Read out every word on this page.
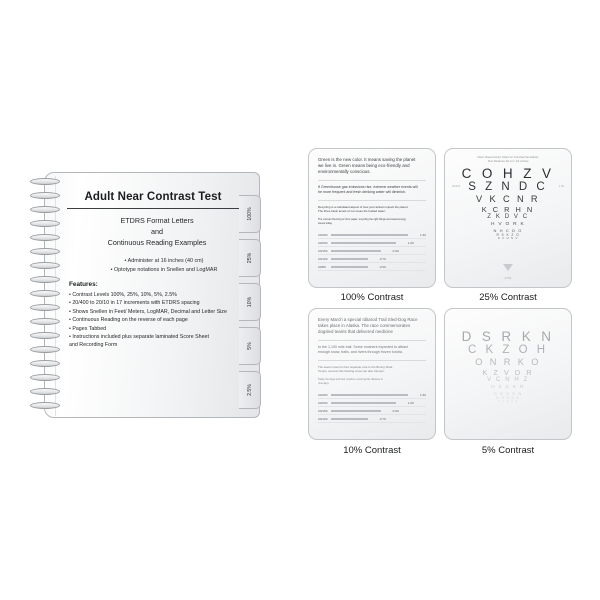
100%
25%
10%
5%
2.5%
Adult Near Contrast Test
ETDRS Format Letters
and
Continuous Reading Examples
• Administer at 16 inches (40 cm)
• Optotype notations in Snellen and LogMAR
Features:
• Contrast Levels 100%, 25%, 10%, 5%, 2.5%
• 20/400 to 20/10 in 17 increments with ETDRS spacing
• Shows Snellen in Feet/ Meters, LogMAR, Decimal and Letter Size
• Continuous Reading on the reverse of each page
• Pages Tabbed
• Instructions included plus separate laminated Score Sheet
and Recording Form
Green is the new color. It means saving the planet
we live in. Green means being eco-friendly and
environmentally conscious.
If Greenhouse gas emissions rise, extreme weather events will
be more frequent and fresh drinking water will diminish.
Recycling is a calculated aspect of how your actions impact the planet.
The three basic tenets of our reuse the bottled water.
The cost and burning of oil or paper, recycling the right things are based energy
issues today.
20/400	1.30
20/200	1.00
20/160	0.90
20/100	0.70
20/80	0.60
100% Contrast
Near Visual Acuity Chart for Contrast Sensitivity
Test Distance 40 cm / 16 inches
20/400	1.30
C O H Z V
S Z N D C
V K C N R
K C R H N
Z K D V C
H V O R K
N H C D O
R S K Z O
D C H N V
2.5%
25% Contrast
Every March a special Iditarod Trail Sled-Dog Race
takes place in Alaska. The race commemorates
dogsled teams that delivered medicine
to the 1,100 mile trail. Some mushers expected to attract
enough snow, trails, and rivers through frozen tundra.
The teams travel to their separate vote to the Bering Strait.
Temps, several mile blowing snow can also hamper.
Today the dogs and their mushers covering this distance in
nine days.
20/400	1.30
20/200	1.00
20/160	0.90
20/100	0.70
10% Contrast
D S R K N
C K Z O H
O N R K O
K Z V D R
V C N H Z
H Z C K R
O D V S N
R H S D K
N V O C Z
5% Contrast
